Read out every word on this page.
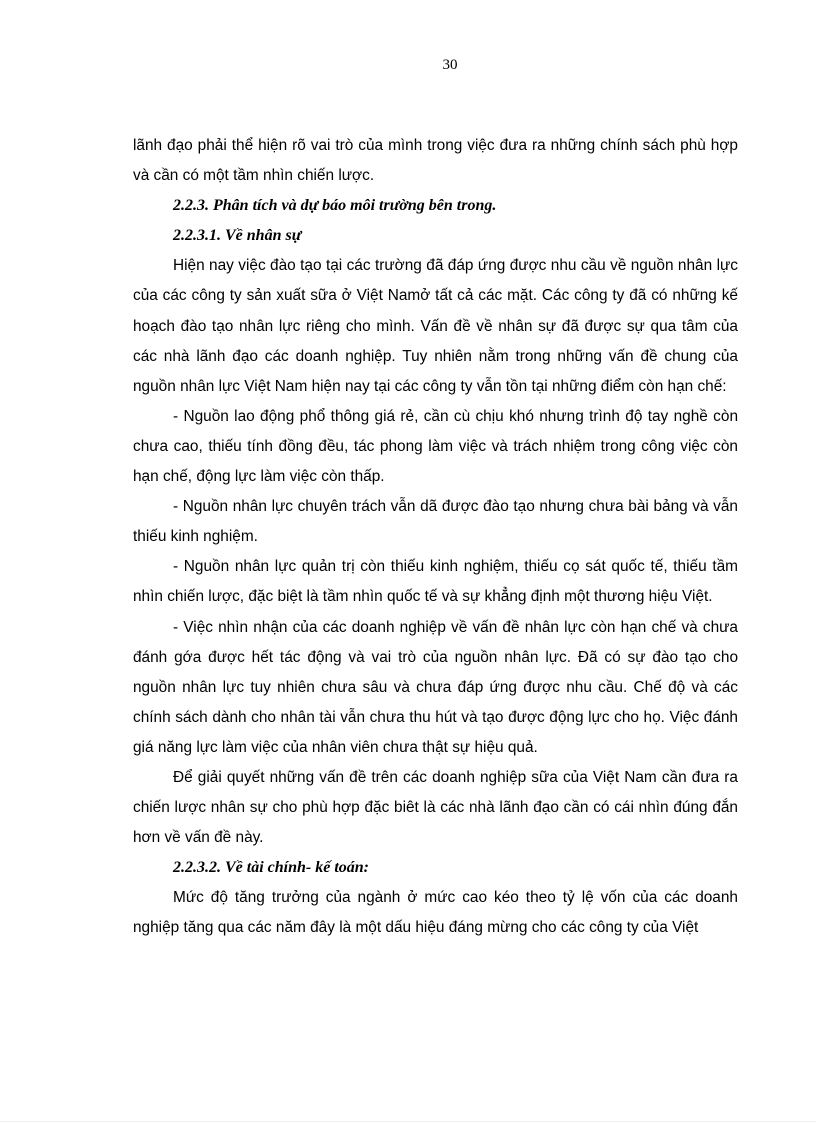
30

lãnh đạo phải thể hiện rõ vai trò của mình trong việc đưa ra những chính sách phù hợp và cần có một tầm nhìn chiến lược.

2.2.3. Phân tích và dự báo môi trường bên trong.

2.2.3.1. Về nhân sự

Hiện nay việc đào tạo tại các trường đã đáp ứng được nhu cầu về nguồn nhân lực của các công ty sản xuất sữa ở Việt Namở tất cả các mặt. Các công ty đã có những kế hoạch đào tạo nhân lực riêng cho mình. Vấn đề về nhân sự đã được sự qua tâm của các nhà lãnh đạo các doanh nghiệp. Tuy nhiên nằm trong những vấn đề chung của nguồn nhân lực Việt Nam hiện nay tại các công ty vẫn tồn tại những điểm còn hạn chế:

- Nguồn lao động phổ thông giá rẻ, cần cù chịu khó nhưng trình độ tay nghề còn chưa cao, thiếu tính đồng đều, tác phong làm việc và trách nhiệm trong công việc còn hạn chế, động lực làm việc còn thấp.

- Nguồn nhân lực chuyên trách vẫn dã được đào tạo nhưng chưa bài bảng và vẫn thiếu kinh nghiệm.

- Nguồn nhân lực quản trị còn thiếu kinh nghiệm, thiếu cọ sát quốc tế, thiếu tầm nhìn chiến lược, đặc biệt là tầm nhìn quốc tế và sự khẳng định một thương hiệu Việt.

- Việc nhìn nhận của các doanh nghiệp về vấn đề nhân lực còn hạn chế và chưa đánh gớa được hết tác động và vai trò của nguồn nhân lực. Đã có sự đào tạo cho nguồn nhân lực tuy nhiên chưa sâu và chưa đáp ứng được nhu cầu. Chế độ và các chính sách dành cho nhân tài vẫn chưa thu hút và tạo được động lực cho họ. Việc đánh giá năng lực làm việc của nhân viên chưa thật sự hiệu quả.

Để giải quyết những vấn đề trên các doanh nghiệp sữa của Việt Nam cần đưa ra chiến lược nhân sự cho phù hợp đặc biêt là các nhà lãnh đạo cần có cái nhìn đúng đắn hơn về vấn đề này.

2.2.3.2. Về tài chính- kế toán:

Mức độ tăng trưởng của ngành ở mức cao kéo theo tỷ lệ vốn của các doanh nghiệp tăng qua các năm đây là một dấu hiệu đáng mừng cho các công ty của Việt
